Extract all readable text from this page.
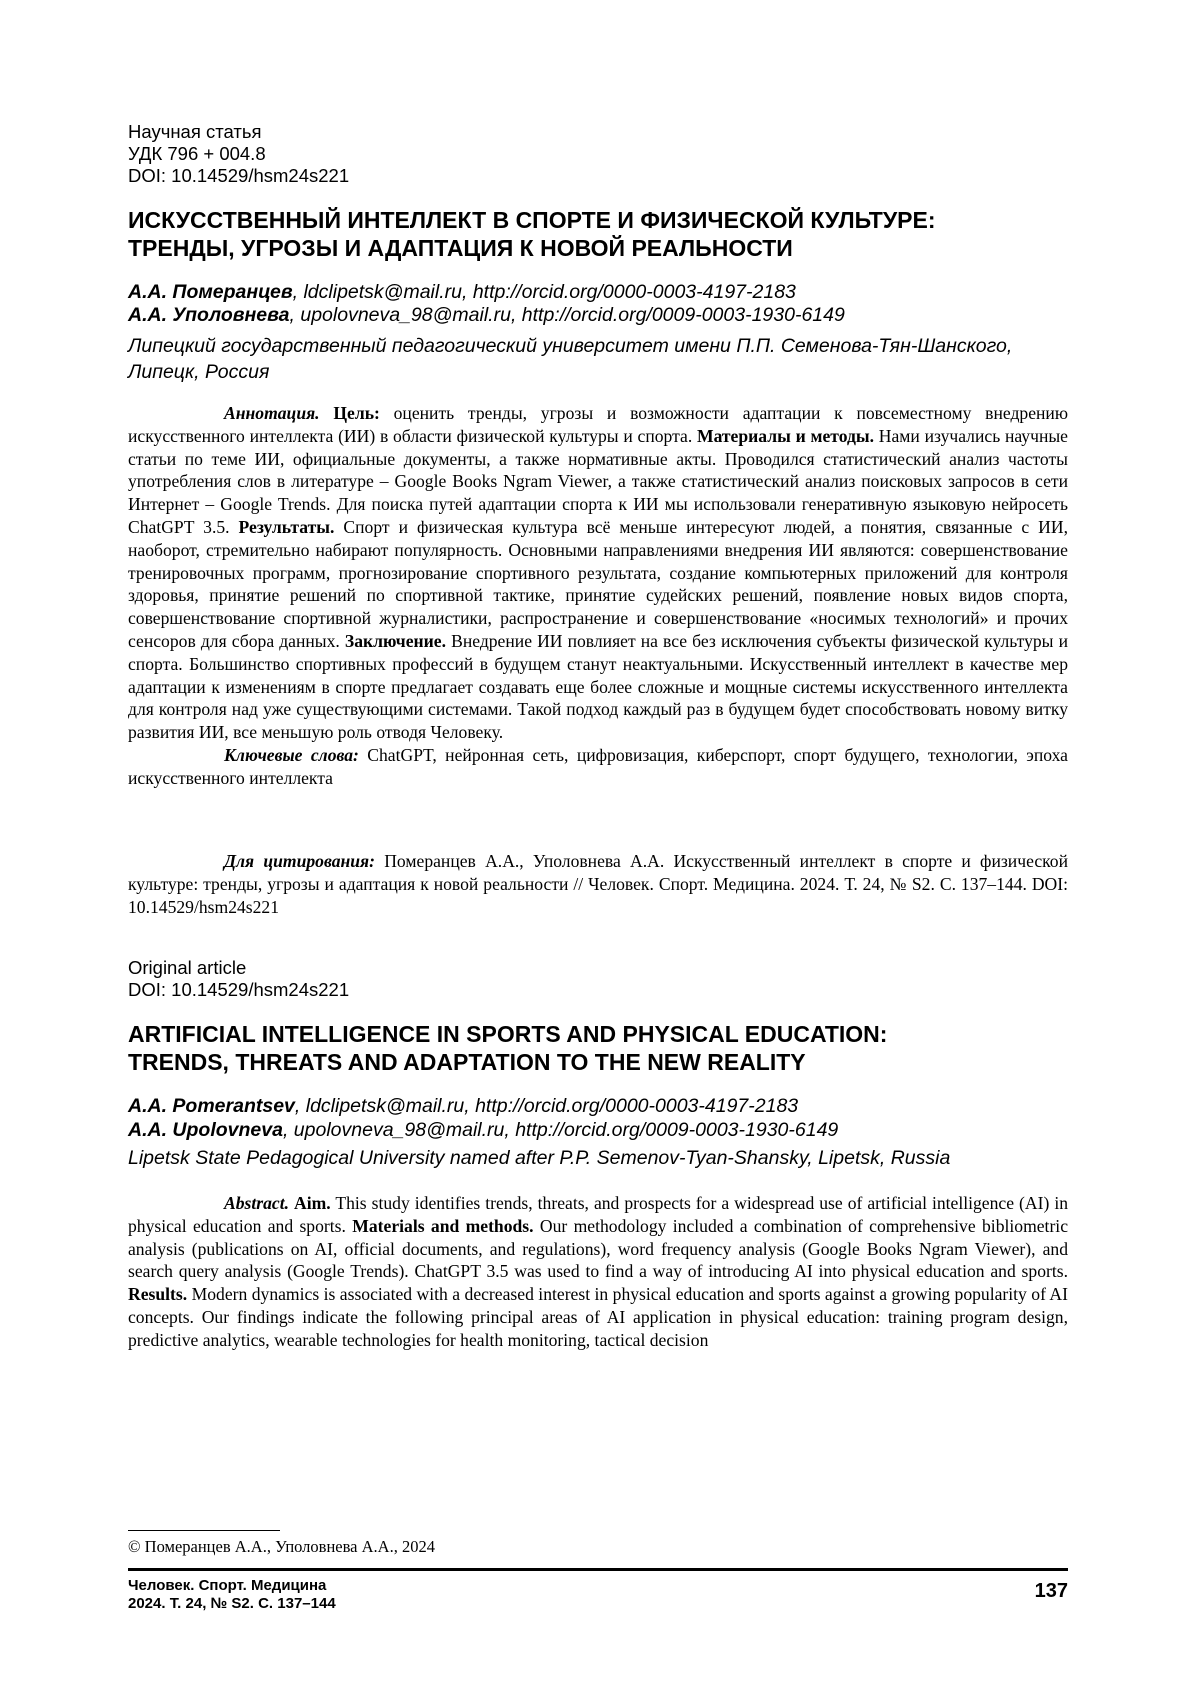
Научная статья
УДК 796 + 004.8
DOI: 10.14529/hsm24s221
ИСКУССТВЕННЫЙ ИНТЕЛЛЕКТ В СПОРТЕ И ФИЗИЧЕСКОЙ КУЛЬТУРЕ:
ТРЕНДЫ, УГРОЗЫ И АДАПТАЦИЯ К НОВОЙ РЕАЛЬНОСТИ
А.А. Померанцев, ldclipetsk@mail.ru, http://orcid.org/0000-0003-4197-2183
А.А. Уполовнева, upolovneva_98@mail.ru, http://orcid.org/0009-0003-1930-6149
Липецкий государственный педагогический университет имени П.П. Семенова-Тян-Шанского, Липецк, Россия

Аннотация. Цель: оценить тренды, угрозы и возможности адаптации к повсеместному внедрению искусственного интеллекта (ИИ) в области физической культуры и спорта. Материалы и методы. Нами изучались научные статьи по теме ИИ, официальные документы, а также нормативные акты. Проводился статистический анализ частоты употребления слов в литературе – Google Books Ngram Viewer, а также статистический анализ поисковых запросов в сети Интернет – Google Trends. Для поиска путей адаптации спорта к ИИ мы использовали генеративную языковую нейросеть ChatGPT 3.5. Результаты. Спорт и физическая культура всё меньше интересуют людей, а понятия, связанные с ИИ, наоборот, стремительно набирают популярность. Основными направлениями внедрения ИИ являются: совершенствование тренировочных программ, прогнозирование спортивного результата, создание компьютерных приложений для контроля здоровья, принятие решений по спортивной тактике, принятие судейских решений, появление новых видов спорта, совершенствование спортивной журналистики, распространение и совершенствование «носимых технологий» и прочих сенсоров для сбора данных. Заключение. Внедрение ИИ повлияет на все без исключения субъекты физической культуры и спорта. Большинство спортивных профессий в будущем станут неактуальными. Искусственный интеллект в качестве мер адаптации к изменениям в спорте предлагает создавать еще более сложные и мощные системы искусственного интеллекта для контроля над уже существующими системами. Такой подход каждый раз в будущем будет способствовать новому витку развития ИИ, все меньшую роль отводя Человеку.

Ключевые слова: ChatGPT, нейронная сеть, цифровизация, киберспорт, спорт будущего, технологии, эпоха искусственного интеллекта

Для цитирования: Померанцев А.А., Уполовнева А.А. Искусственный интеллект в спорте и физической культуре: тренды, угрозы и адаптация к новой реальности // Человек. Спорт. Медицина. 2024. Т. 24, № S2. С. 137–144. DOI: 10.14529/hsm24s221

Original article
DOI: 10.14529/hsm24s221
ARTIFICIAL INTELLIGENCE IN SPORTS AND PHYSICAL EDUCATION:
TRENDS, THREATS AND ADAPTATION TO THE NEW REALITY
A.A. Pomerantsev, ldclipetsk@mail.ru, http://orcid.org/0000-0003-4197-2183
A.A. Upolovneva, upolovneva_98@mail.ru, http://orcid.org/0009-0003-1930-6149
Lipetsk State Pedagogical University named after P.P. Semenov-Tyan-Shansky, Lipetsk, Russia

Abstract. Aim. This study identifies trends, threats, and prospects for a widespread use of artificial intelligence (AI) in physical education and sports. Materials and methods. Our methodology included a combination of comprehensive bibliometric analysis (publications on AI, official documents, and regulations), word frequency analysis (Google Books Ngram Viewer), and search query analysis (Google Trends). ChatGPT 3.5 was used to find a way of introducing AI into physical education and sports. Results. Modern dynamics is associated with a decreased interest in physical education and sports against a growing popularity of AI concepts. Our findings indicate the following principal areas of AI application in physical education: training program design, predictive analytics, wearable technologies for health monitoring, tactical decision

© Померанцев А.А., Уполовнева А.А., 2024
Человек. Спорт. Медицина
2024. Т. 24, № S2. С. 137–144
137
